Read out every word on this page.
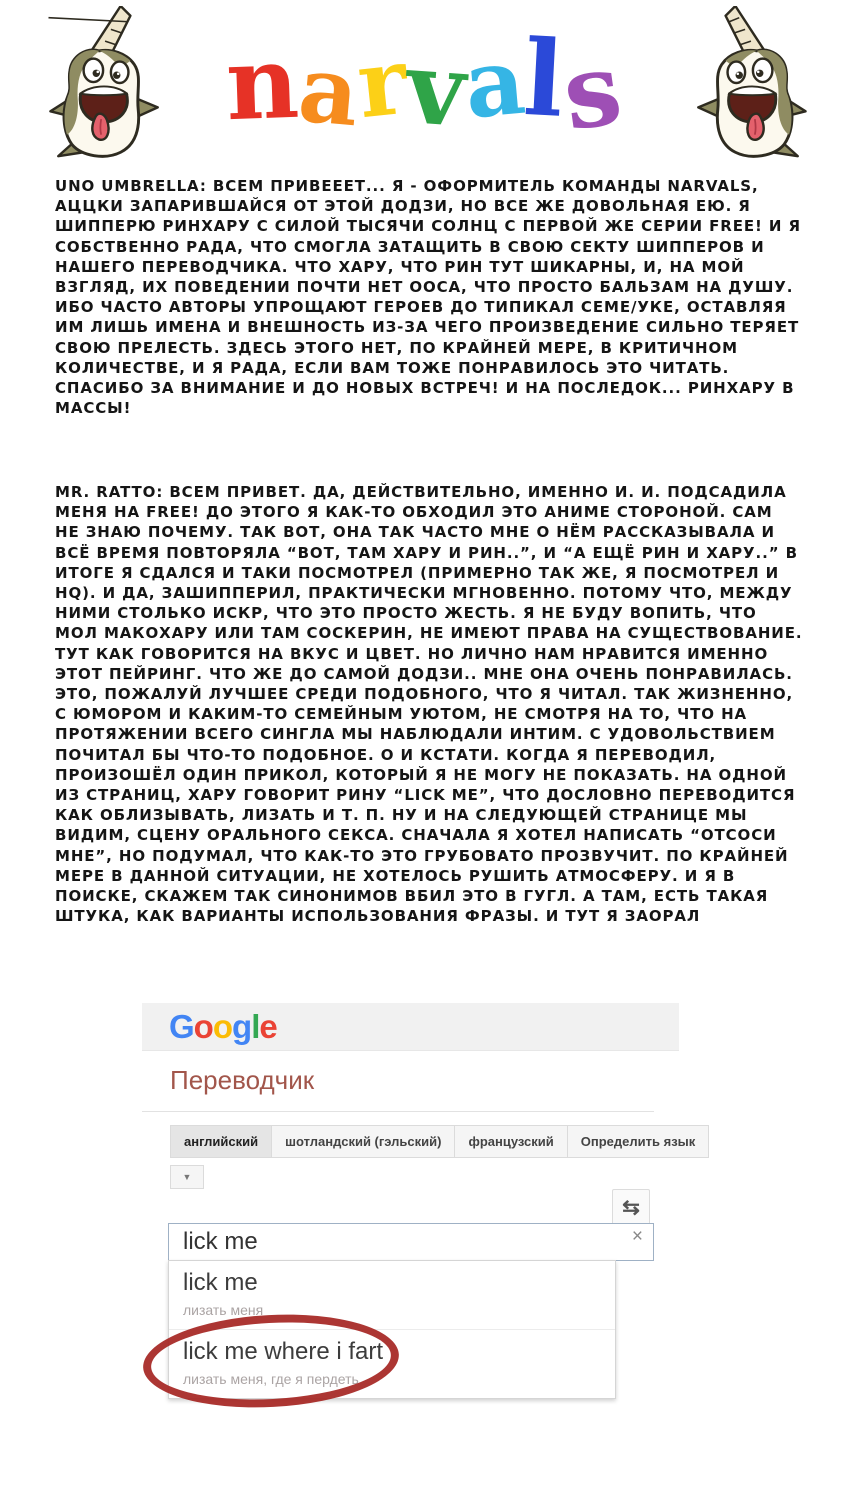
n
a
r
v
a
l
s

UNO UMBRELLA: ВСЕМ ПРИВЕЕЕТ... Я - ОФОРМИТЕЛЬ КОМАНДЫ NARVALS, АЦЦКИ ЗАПАРИВШАЙСЯ ОТ ЭТОЙ ДОДЗИ, НО ВСЕ ЖЕ ДОВОЛЬНАЯ ЕЮ. Я ШИППЕРЮ РИНХАРУ С СИЛОЙ ТЫСЯЧИ СОЛНЦ С ПЕРВОЙ ЖЕ СЕРИИ FREE! И Я СОБСТВЕННО РАДА, ЧТО СМОГЛА ЗАТАЩИТЬ В СВОЮ СЕКТУ ШИППЕРОВ И НАШЕГО ПЕРЕВОДЧИКА. ЧТО ХАРУ, ЧТО РИН ТУТ ШИКАРНЫ, И, НА МОЙ ВЗГЛЯД, ИХ ПОВЕДЕНИИ ПОЧТИ НЕТ ООСА, ЧТО ПРОСТО БАЛЬЗАМ НА ДУШУ. ИБО ЧАСТО АВТОРЫ УПРОЩАЮТ ГЕРОЕВ ДО ТИПИКАЛ СЕМЕ/УКЕ, ОСТАВЛЯЯ ИМ ЛИШЬ ИМЕНА И ВНЕШНОСТЬ ИЗ-ЗА ЧЕГО ПРОИЗВЕДЕНИЕ СИЛЬНО ТЕРЯЕТ СВОЮ ПРЕЛЕСТЬ. ЗДЕСЬ ЭТОГО НЕТ, ПО КРАЙНЕЙ МЕРЕ, В КРИТИЧНОМ КОЛИЧЕСТВЕ, И Я РАДА, ЕСЛИ ВАМ ТОЖЕ ПОНРАВИЛОСЬ ЭТО ЧИТАТЬ. СПАСИБО ЗА ВНИМАНИЕ И ДО НОВЫХ ВСТРЕЧ! И НА ПОСЛЕДОК... РИНХАРУ В МАССЫ!

MR. RATTO: ВСЕМ ПРИВЕТ. ДА, ДЕЙСТВИТЕЛЬНО, ИМЕННО И. И. ПОДСАДИЛА МЕНЯ НА FREE! ДО ЭТОГО Я КАК-ТО ОБХОДИЛ ЭТО АНИМЕ СТОРОНОЙ. САМ НЕ ЗНАЮ ПОЧЕМУ. ТАК ВОТ, ОНА ТАК ЧАСТО МНЕ О НЁМ РАССКАЗЫВАЛА И ВСЁ ВРЕМЯ ПОВТОРЯЛА “ВОТ, ТАМ ХАРУ И РИН..”, И “А ЕЩЁ РИН И ХАРУ..” В ИТОГЕ Я СДАЛСЯ И ТАКИ ПОСМОТРЕЛ (ПРИМЕРНО ТАК ЖЕ, Я ПОСМОТРЕЛ И HQ). И ДА, ЗАШИППЕРИЛ, ПРАКТИЧЕСКИ МГНОВЕННО. ПОТОМУ ЧТО, МЕЖДУ НИМИ СТОЛЬКО ИСКР, ЧТО ЭТО ПРОСТО ЖЕСТЬ. Я НЕ БУДУ ВОПИТЬ, ЧТО МОЛ МАКОХАРУ ИЛИ ТАМ СОСКЕРИН, НЕ ИМЕЮТ ПРАВА НА СУЩЕСТВОВАНИЕ. ТУТ КАК ГОВОРИТСЯ НА ВКУС И ЦВЕТ. НО ЛИЧНО НАМ НРАВИТСЯ ИМЕННО ЭТОТ ПЕЙРИНГ. ЧТО ЖЕ ДО САМОЙ ДОДЗИ.. МНЕ ОНА ОЧЕНЬ ПОНРАВИЛАСЬ. ЭТО, ПОЖАЛУЙ ЛУЧШЕЕ СРЕДИ ПОДОБНОГО, ЧТО Я ЧИТАЛ. ТАК ЖИЗНЕННО, С ЮМОРОМ И КАКИМ-ТО СЕМЕЙНЫМ УЮТОМ, НЕ СМОТРЯ НА ТО, ЧТО НА ПРОТЯЖЕНИИ ВСЕГО СИНГЛА МЫ НАБЛЮДАЛИ ИНТИМ. С УДОВОЛЬСТВИЕМ ПОЧИТАЛ БЫ ЧТО-ТО ПОДОБНОЕ. О И КСТАТИ. КОГДА Я ПЕРЕВОДИЛ, ПРОИЗОШЁЛ ОДИН ПРИКОЛ, КОТОРЫЙ Я НЕ МОГУ НЕ ПОКАЗАТЬ. НА ОДНОЙ ИЗ СТРАНИЦ, ХАРУ ГОВОРИТ РИНУ “LICK ME”, ЧТО ДОСЛОВНО ПЕРЕВОДИТСЯ КАК ОБЛИЗЫВАТЬ, ЛИЗАТЬ И Т. П. НУ И НА СЛЕДУЮЩЕЙ СТРАНИЦЕ МЫ ВИДИМ, СЦЕНУ ОРАЛЬНОГО СЕКСА. СНАЧАЛА Я ХОТЕЛ НАПИСАТЬ “ОТСОСИ МНЕ”, НО ПОДУМАЛ, ЧТО КАК-ТО ЭТО ГРУБОВАТО ПРОЗВУЧИТ. ПО КРАЙНЕЙ МЕРЕ В ДАННОЙ СИТУАЦИИ, НЕ ХОТЕЛОСЬ РУШИТЬ АТМОСФЕРУ. И Я В ПОИСКЕ, СКАЖЕМ ТАК СИНОНИМОВ ВБИЛ ЭТО В ГУГЛ. А ТАМ, ЕСТЬ ТАКАЯ ШТУКА, КАК ВАРИАНТЫ ИСПОЛЬЗОВАНИЯ ФРАЗЫ. И ТУТ Я ЗАОРАЛ

Google
Переводчик
английский	шотландский (гэльский)	французский	Определить язык
▼
⇆
lick me
×
lick me
лизать меня
lick me where i fart
лизать меня, где я пердеть
